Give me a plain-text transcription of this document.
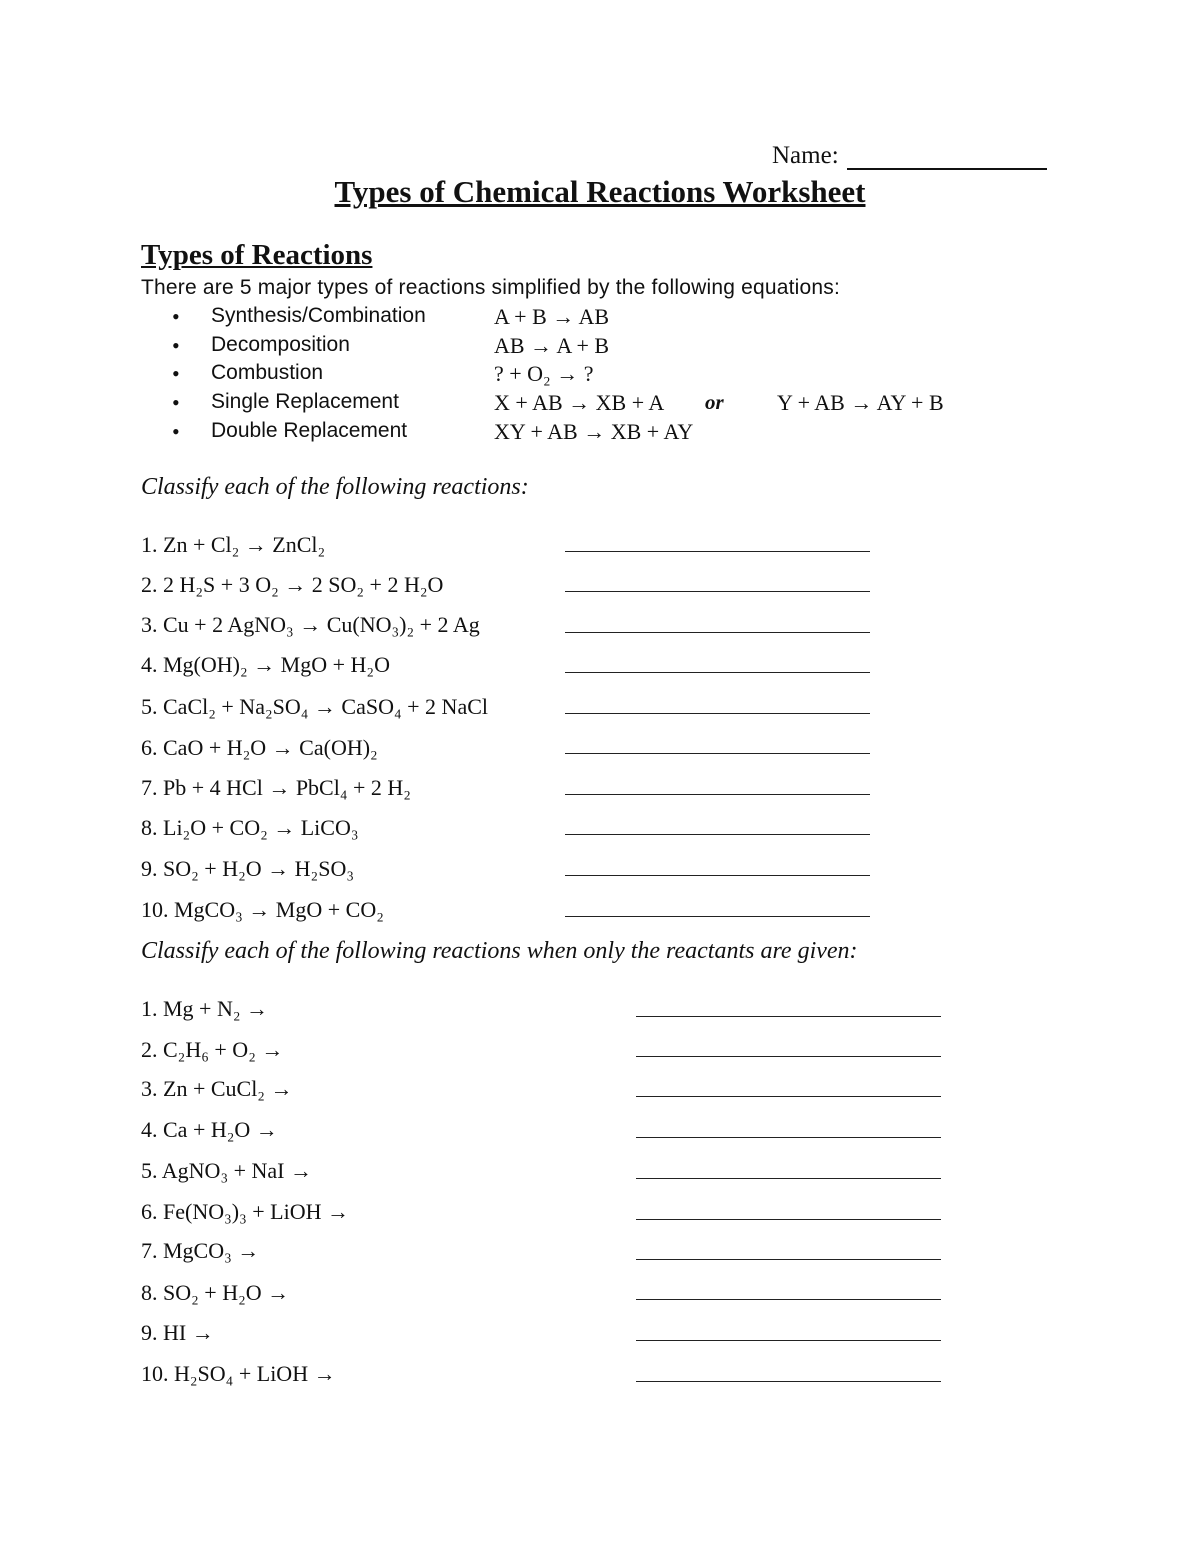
Name:
Types of Chemical Reactions Worksheet
Types of Reactions
There are 5 major types of reactions simplified by the following equations:
• Synthesis/Combination	A + B → AB
• Decomposition	AB → A + B
• Combustion	? + O₂ → ?
• Single Replacement	X + AB → XB + A or Y + AB → AY + B
• Double Replacement	XY + AB → XB + AY
Classify each of the following reactions:
1. Zn + Cl₂ → ZnCl₂
2. 2 H₂S + 3 O₂ → 2 SO₂ + 2 H₂O
3. Cu + 2 AgNO₃ → Cu(NO₃)₂ + 2 Ag
4. Mg(OH)₂ → MgO + H₂O
5. CaCl₂ + Na₂SO₄ → CaSO₄ + 2 NaCl
6. CaO + H₂O → Ca(OH)₂
7. Pb + 4 HCl → PbCl₄ + 2 H₂
8. Li₂O + CO₂ → LiCO₃
9. SO₂ + H₂O → H₂SO₃
10. MgCO₃ → MgO + CO₂
Classify each of the following reactions when only the reactants are given:
1. Mg + N₂ →
2. C₂H₆ + O₂ →
3. Zn + CuCl₂ →
4. Ca + H₂O →
5. AgNO₃ + NaI →
6. Fe(NO₃)₃ + LiOH →
7. MgCO₃ →
8. SO₂ + H₂O →
9. HI →
10. H₂SO₄ + LiOH →
